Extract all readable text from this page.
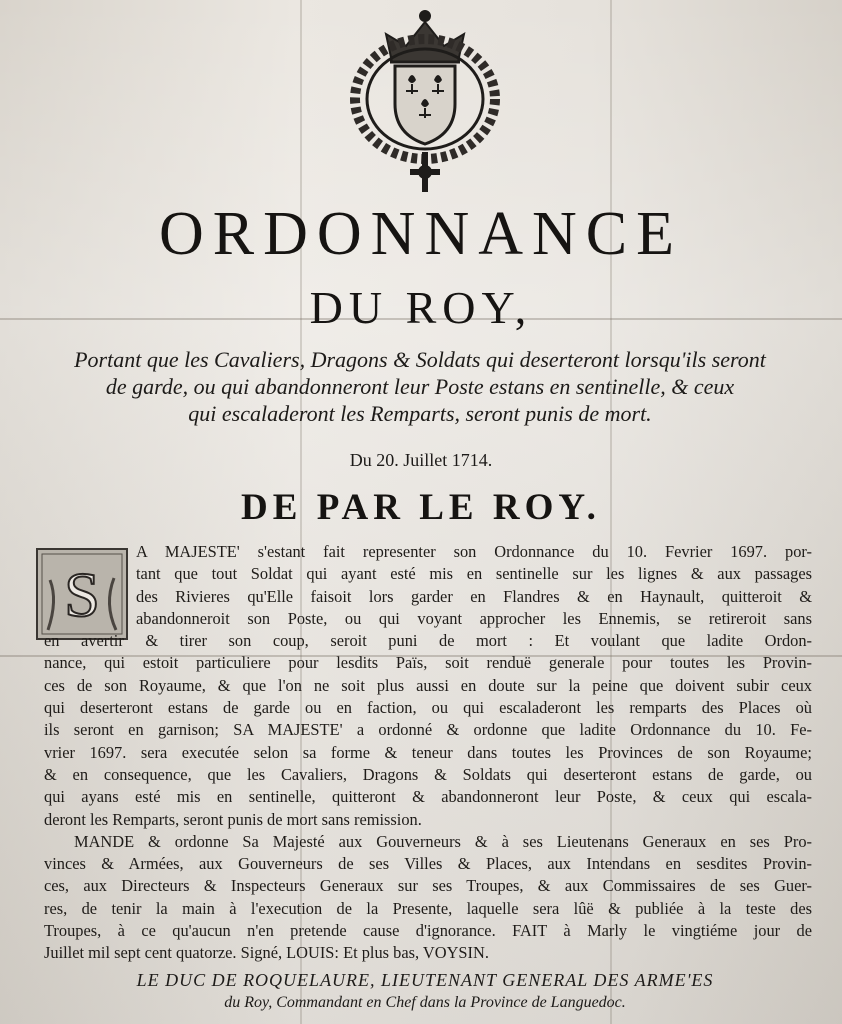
ORDONNANCE
DU ROY,
Portant que les Cavaliers, Dragons & Soldats qui deserteront lorsqu'ils seront
de garde, ou qui abandonneront leur Poste estans en sentinelle, & ceux
qui escaladeront les Remparts, seront punis de mort.
Du 20. Juillet 1714.
DE PAR LE ROY.
S
A MAJESTE' s'estant fait representer son Ordonnance du 10. Fevrier 1697. por-
tant que tout Soldat qui ayant esté mis en sentinelle sur les lignes & aux passages
des Rivieres qu'Elle faisoit lors garder en Flandres & en Haynault, quitteroit &
abandonneroit son Poste, ou qui voyant approcher les Ennemis, se retireroit sans
en avertir & tirer son coup, seroit puni de mort : Et voulant que ladite Ordon-
nance, qui estoit particuliere pour lesdits Païs, soit renduë generale pour toutes les Provin-
ces de son Royaume, & que l'on ne soit plus aussi en doute sur la peine que doivent subir ceux
qui deserteront estans de garde ou en faction, ou qui escaladeront les remparts des Places où
ils seront en garnison; SA MAJESTE' a ordonné & ordonne que ladite Ordonnance du 10. Fe-
vrier 1697. sera executée selon sa forme & teneur dans toutes les Provinces de son Royaume;
& en consequence, que les Cavaliers, Dragons & Soldats qui deserteront estans de garde, ou
qui ayans esté mis en sentinelle, quitteront & abandonneront leur Poste, & ceux qui escala-
deront les Remparts, seront punis de mort sans remission.
MANDE & ordonne Sa Majesté aux Gouverneurs & à ses Lieutenans Generaux en ses Pro-
vinces & Armées, aux Gouverneurs de ses Villes & Places, aux Intendans en sesdites Provin-
ces, aux Directeurs & Inspecteurs Generaux sur ses Troupes, & aux Commissaires de ses Guer-
res, de tenir la main à l'execution de la Presente, laquelle sera lûë & publiée à la teste des
Troupes, à ce qu'aucun n'en pretende cause d'ignorance. FAIT à Marly le vingtiéme jour de
Juillet mil sept cent quatorze. Signé, LOUIS: Et plus bas, VOYSIN.
LE DUC DE ROQUELAURE, LIEUTENANT GENERAL DES ARME'ES
du Roy, Commandant en Chef dans la Province de Languedoc.
